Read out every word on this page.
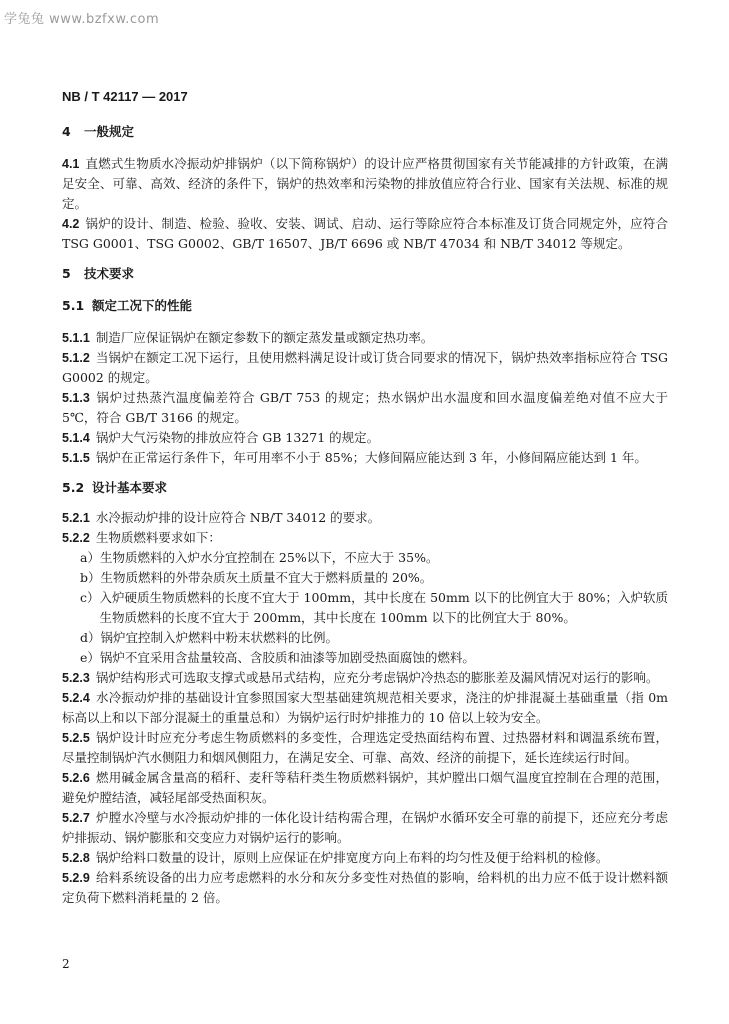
学兔兔 www.bzfxw.com
NB / T 42117 — 2017

4 一般规定

4.1 直燃式生物质水冷振动炉排锅炉（以下简称锅炉）的设计应严格贯彻国家有关节能减排的方针政策，在满足安全、可靠、高效、经济的条件下，锅炉的热效率和污染物的排放值应符合行业、国家有关法规、标准的规定。

4.2 锅炉的设计、制造、检验、验收、安装、调试、启动、运行等除应符合本标准及订货合同规定外，应符合 TSG G0001、TSG G0002、GB/T 16507、JB/T 6696 或 NB/T 47034 和 NB/T 34012 等规定。

5 技术要求

5.1 额定工况下的性能

5.1.1 制造厂应保证锅炉在额定参数下的额定蒸发量或额定热功率。

5.1.2 当锅炉在额定工况下运行，且使用燃料满足设计或订货合同要求的情况下，锅炉热效率指标应符合 TSG G0002 的规定。

5.1.3 锅炉过热蒸汽温度偏差符合 GB/T 753 的规定；热水锅炉出水温度和回水温度偏差绝对值不应大于 5℃，符合 GB/T 3166 的规定。

5.1.4 锅炉大气污染物的排放应符合 GB 13271 的规定。

5.1.5 锅炉在正常运行条件下，年可用率不小于 85%；大修间隔应能达到 3 年，小修间隔应能达到 1 年。

5.2 设计基本要求

5.2.1 水冷振动炉排的设计应符合 NB/T 34012 的要求。

5.2.2 生物质燃料要求如下：

a） 生物质燃料的入炉水分宜控制在 25%以下，不应大于 35%。
b） 生物质燃料的外带杂质灰土质量不宜大于燃料质量的 20%。
c） 入炉硬质生物质燃料的长度不宜大于 100mm，其中长度在 50mm 以下的比例宜大于 80%；入炉软质生物质燃料的长度不宜大于 200mm，其中长度在 100mm 以下的比例宜大于 80%。
d） 锅炉宜控制入炉燃料中粉末状燃料的比例。
e） 锅炉不宜采用含盐量较高、含胶质和油漆等加剧受热面腐蚀的燃料。

5.2.3 锅炉结构形式可选取支撑式或悬吊式结构，应充分考虑锅炉冷热态的膨胀差及漏风情况对运行的影响。

5.2.4 水冷振动炉排的基础设计宜参照国家大型基础建筑规范相关要求，浇注的炉排混凝土基础重量（指 0m 标高以上和以下部分混凝土的重量总和）为锅炉运行时炉排推力的 10 倍以上较为安全。

5.2.5 锅炉设计时应充分考虑生物质燃料的多变性，合理选定受热面结构布置、过热器材料和调温系统布置，尽量控制锅炉汽水侧阻力和烟风侧阻力，在满足安全、可靠、高效、经济的前提下，延长连续运行时间。

5.2.6 燃用碱金属含量高的稻秆、麦秆等秸秆类生物质燃料锅炉，其炉膛出口烟气温度宜控制在合理的范围，避免炉膛结渣，减轻尾部受热面积灰。

5.2.7 炉膛水冷壁与水冷振动炉排的一体化设计结构需合理，在锅炉水循环安全可靠的前提下，还应充分考虑炉排振动、锅炉膨胀和交变应力对锅炉运行的影响。

5.2.8 锅炉给料口数量的设计，原则上应保证在炉排宽度方向上布料的均匀性及便于给料机的检修。

5.2.9 给料系统设备的出力应考虑燃料的水分和灰分多变性对热值的影响，给料机的出力应不低于设计燃料额定负荷下燃料消耗量的 2 倍。

2
